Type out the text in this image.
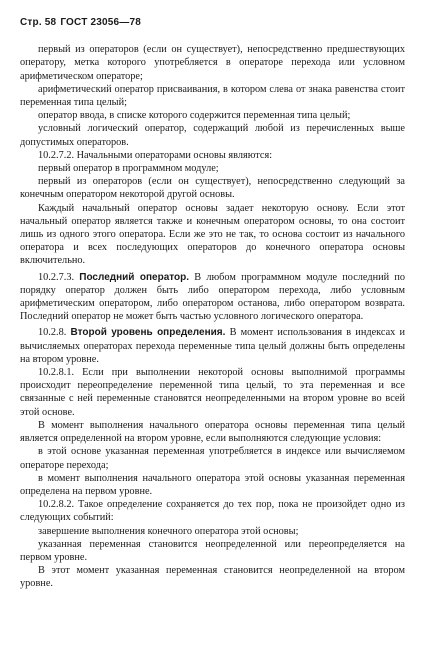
Стр. 58 ГОСТ 23056—78

первый из операторов (если он существует), непосредственно предшествующих оператору, метка которого употребляется в операторе перехода или условном арифметическом операторе;

арифметический оператор присваивания, в котором слева от знака равенства стоит переменная типа целый;

оператор ввода, в списке которого содержится переменная типа целый;

условный логический оператор, содержащий любой из перечисленных выше допустимых операторов.

10.2.7.2. Начальными операторами основы являются:

первый оператор в программном модуле;

первый из операторов (если он существует), непосредственно следующий за конечным оператором некоторой другой основы.

Каждый начальный оператор основы задает некоторую основу. Если этот начальный оператор является также и конечным оператором основы, то она состоит лишь из одного этого оператора. Если же это не так, то основа состоит из начального оператора и всех последующих операторов до конечного оператора основы включительно.

10.2.7.3. Последний оператор. В любом программном модуле последний по порядку оператор должен быть либо оператором перехода, либо условным арифметическим оператором, либо оператором останова, либо оператором возврата. Последний оператор не может быть частью условного логического оператора.

10.2.8. Второй уровень определения. В момент использования в индексах и вычисляемых операторах перехода переменные типа целый должны быть определены на втором уровне.

10.2.8.1. Если при выполнении некоторой основы выполнимой программы происходит переопределение переменной типа целый, то эта переменная и все связанные с ней переменные становятся неопределенными на втором уровне во всей этой основе.

В момент выполнения начального оператора основы переменная типа целый является определенной на втором уровне, если выполняются следующие условия:

в этой основе указанная переменная употребляется в индексе или вычисляемом операторе перехода;

в момент выполнения начального оператора этой основы указанная переменная определена на первом уровне.

10.2.8.2. Такое определение сохраняется до тех пор, пока не произойдет одно из следующих событий:

завершение выполнения конечного оператора этой основы;

указанная переменная становится неопределенной или переопределяется на первом уровне.

В этот момент указанная переменная становится неопределенной на втором уровне.
